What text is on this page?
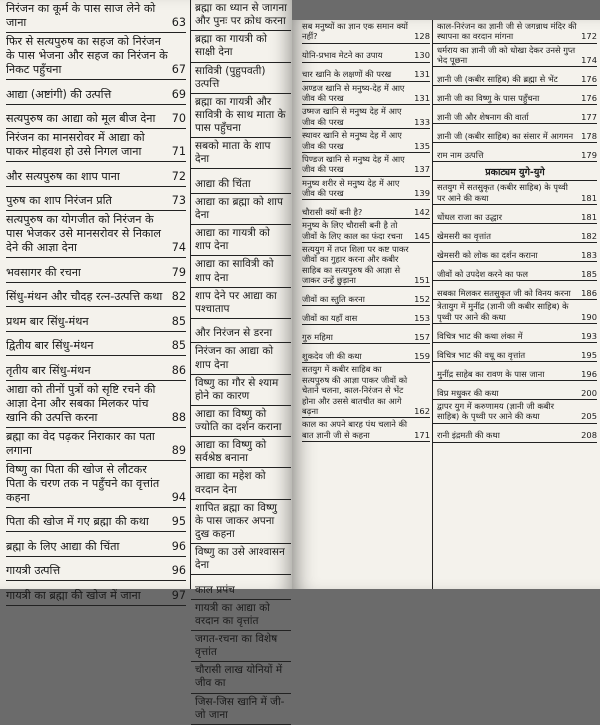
निरंजन का कूर्म के पास साज लेने को जाना	63
फिर से सत्यपुरुष का सहज को निरंजन के पास भेजना और सहज का निरंजन के निकट पहुँचना	67
आद्या (अष्टांगी) की उत्पत्ति	69
सत्यपुरुष का आद्या को मूल बीज देना	70
निरंजन का मानसरोवर में आद्या को पाकर मोहवश हो उसे निगल जाना	71
और सत्यपुरुष का शाप पाना	72
पुरुष का शाप निरंजन प्रति	73
सत्यपुरुष का योगजीत को निरंजन के पास भेजकर उसे मानसरोवर से निकाल देने की आज्ञा देना	74
भवसागर की रचना	79
सिंधु-मंथन और चौदह रत्न-उत्पत्ति कथा 82
प्रथम बार सिंधु-मंथन	85
द्वितीय बार सिंधु-मंथन	85
तृतीय बार सिंधु-मंथन	86
आद्या को तीनों पुत्रों को सृष्टि रचने की आज्ञा देना और सबका मिलकर पांच खानि की उत्पत्ति करना	88
ब्रह्मा का वेद पढ़कर निराकार का पता लगाना	89
विष्णु का पिता की खोज से लौटकर पिता के चरण तक न पहुँचने का वृत्तांत कहना	94
पिता की खोज में गए ब्रह्मा की कथा	95
ब्रह्मा के लिए आद्या की चिंता	96
गायत्री उत्पत्ति	96
गायत्री का ब्रह्मा की खोज में जाना	97
ब्रह्मा का ध्यान से जागना और पुनः पर क्रोध करना
ब्रह्मा का गायत्री को साक्षी देना
सावित्री (पुहुपवती) उत्पत्ति
ब्रह्मा का गायत्री और सावित्री के साथ माता के पास पहुँचना
सबको माता के शाप देना
आद्या की चिंता
आद्या का ब्रह्मा को शाप देना
आद्या का गायत्री को शाप देना
आद्या का सावित्री को शाप देना
शाप देने पर आद्या का पश्चाताप
और निरंजन से डरना
निरंजन का आद्या को शाप देना
विष्णु का गौर से श्याम होने का कारण
आद्या का विष्णु को ज्योति का दर्शन कराना
आद्या का विष्णु को सर्वश्रेष्ठ बनाना
आद्या का महेश को वरदान देना
शापित ब्रह्मा का विष्णु के पास जाकर अपना दुख कहना
विष्णु का उसे आश्वासन देना
काल प्रपंच
गायत्री का आद्या को वरदान का वृत्तांत
जगत-रचना का विशेष वृत्तांत
चौरासी लाख योनियों में जीव का
जिस-जिस खानि में जी-जो जाना
सब मनुष्यों का ज्ञान एक समान क्यों नहीं?	128
योनि-प्रभाव मेटने का उपाय	130
चार खानि के लक्षणों की परख	131
अण्डज खानि से मनुष्य-देह में आए जीव की परख	131
उष्मज खानि से मनुष्य देह में आए जीव की परख	133
स्थावर खानि से मनुष्य देह में आए जीव की परख	135
पिण्डज खानि से मनुष्य देह में आए जीव की परख	137
मनुष्य शरीर से मनुष्य देह में आए जीव की परख	139
चौरासी क्यों बनी है?	142
मनुष्य के लिए चौरासी बनी है तो जीवों के लिए काल का फंदा रचना	145
सत्ययुग में तप्त शिला पर कष्ट पाकर जीवों का गुहार करना और कबीर साहिब का सत्यपुरुष की आज्ञा से जाकर उन्हें छुड़ाना	151
जीवों का स्तुति करना	152
जीवों का यहाँ वास	153
गुरु महिमा	157
शुकदेव जी की कथा	159
सतयुग में कबीर साहिब का सत्यपुरुष की आज्ञा पाकर जीवों को चेताने चलना, काल-निरंजन से भेंट होना और उससे बातचीत का आगे बढ़ना	162
काल का अपने बारह पंथ चलाने की बात ज्ञानी जी से कहना	171
काल-निरंजन का ज्ञानी जी से जगन्नाथ मंदिर की स्थापना का वरदान मांगना	172
धर्मराय का ज्ञानी जी को धोखा देकर उनसे गुप्त भेद पूछना	174
ज्ञानी जी (कबीर साहिब) की ब्रह्मा से भेंट	176
ज्ञानी जी का विष्णु के पास पहुँचना	176
ज्ञानी जी और शेषनाग की वार्ता	177
ज्ञानी जी (कबीर साहिब) का संसार में आगमन 178
राम नाम उत्पत्ति	179
प्रकाट्यम युगे-युगे
सतयुग में सतसुकृत (कबीर साहिब) के पृथ्वी पर आने की कथा	181
धोंधल राजा का उद्धार	181
खेमसरी का वृत्तांत	182
खेमसरी को लोक का दर्शन कराना	183
जीवों को उपदेश करने का फल	185
सबका मिलकर सतसुकृत जी को विनय करना	186
त्रेतायुग में मुनींद्र (ज्ञानी जी कबीर साहिब) के पृथ्वी पर आने की कथा	190
विचित्र भाट की कथा लंका में	193
विचित्र भाट की वधू का वृत्तांत	195
मुनींद्र साहेब का रावण के पास जाना	196
विप्र मधुकर की कथा	200
द्वापर युग में करुणामय (ज्ञानी जी कबीर साहिब) के पृथ्वी पर आने की कथा	205
रानी इंद्रमती की कथा	208
